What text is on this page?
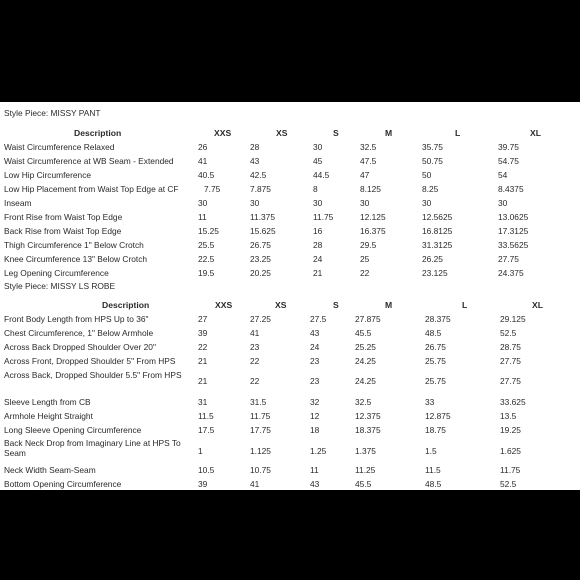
Style Piece: MISSY PANT
Description	XXS	XS	S	M	L	XL
Waist Circumference Relaxed	26	28	30	32.5	35.75	39.75
Waist Circumference at WB Seam - Extended	41	43	45	47.5	50.75	54.75
Low Hip Circumference	40.5	42.5	44.5	47	50	54
Low Hip Placement from Waist Top Edge at CF	7.75	7.875	8	8.125	8.25	8.4375
Inseam	30	30	30	30	30	30
Front Rise from Waist Top Edge	11	11.375	11.75	12.125	12.5625	13.0625
Back Rise from Waist Top Edge	15.25	15.625	16	16.375	16.8125	17.3125
Thigh Circumference 1" Below Crotch	25.5	26.75	28	29.5	31.3125	33.5625
Knee Circumference 13" Below Crotch	22.5	23.25	24	25	26.25	27.75
Leg Opening Circumference	19.5	20.25	21	22	23.125	24.375
Style Piece: MISSY LS ROBE
Description	XXS	XS	S	M	L	XL
Front Body Length from HPS Up to 36"	27	27.25	27.5	27.875	28.375	29.125
Chest Circumference, 1" Below Armhole	39	41	43	45.5	48.5	52.5
Across Back Dropped Shoulder Over 20"	22	23	24	25.25	26.75	28.75
Across Front, Dropped Shoulder 5" From HPS	21	22	23	24.25	25.75	27.75
Across Back, Dropped Shoulder 5.5" From HPS
21	22	23	24.25	25.75	27.75
Sleeve Length from CB	31	31.5	32	32.5	33	33.625
Armhole Height Straight	11.5	11.75	12	12.375	12.875	13.5
Long Sleeve Opening Circumference	17.5	17.75	18	18.375	18.75	19.25
Back Neck Drop from Imaginary Line at HPS To Seam	1	1.125	1.25	1.375	1.5	1.625
Neck Width Seam-Seam	10.5	10.75	11	11.25	11.5	11.75
Bottom Opening Circumference	39	41	43	45.5	48.5	52.5
